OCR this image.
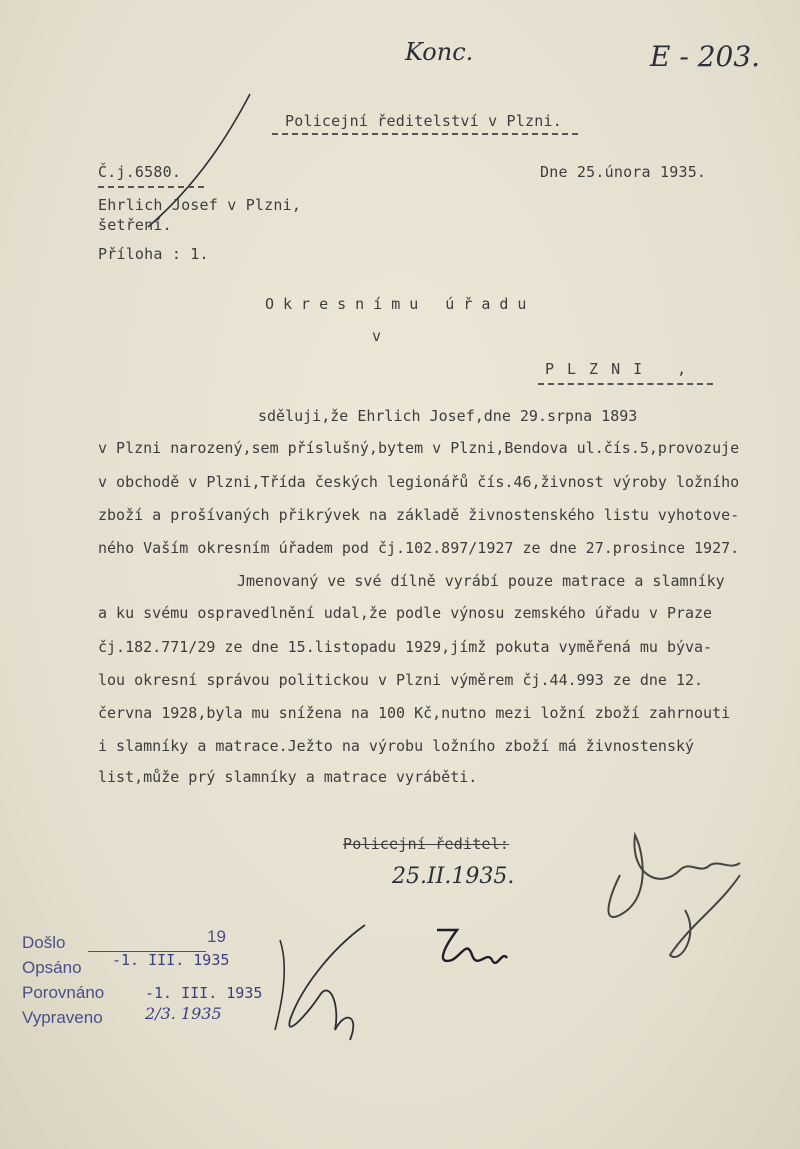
Konc.	E - 203.
Policejní ředitelství v Plzni.
Č.j.6580.	Dne 25.února 1935.
Ehrlich Josef v Plzni,
šetření.
Příloha : 1.
Okresnímu úřadu
v
PLZNI ,
sděluji,že Ehrlich Josef,dne 29.srpna 1893
v Plzni narozený,sem příslušný,bytem v Plzni,Bendova ul.čís.5,provozuje
v obchodě v Plzni,Třída českých legionářů čís.46,živnost výroby ložního
zboží a prošívaných přikrývek na základě živnostenského listu vyhotove-
ného Vaším okresním úřadem pod čj.102.897/1927 ze dne 27.prosince 1927.
Jmenovaný ve své dílně vyrábí pouze matrace a slamníky
a ku svému ospravedlnění udal,že podle výnosu zemského úřadu v Praze
čj.182.771/29 ze dne 15.listopadu 1929,jímž pokuta vyměřená mu býva-
lou okresní správou politickou v Plzni výměrem čj.44.993 ze dne 12.
června 1928,byla mu snížena na 100 Kč,nutno mezi ložní zboží zahrnouti
i slamníky a matrace.Ježto na výrobu ložního zboží má živnostenský
list,může prý slamníky a matrace vyráběti.
Policejní ředitel:
25.II.1935.
Došlo	19
Opsáno -1. III. 1935
Porovnáno	-1. III. 1935
Vypraveno	2/3. 1935
